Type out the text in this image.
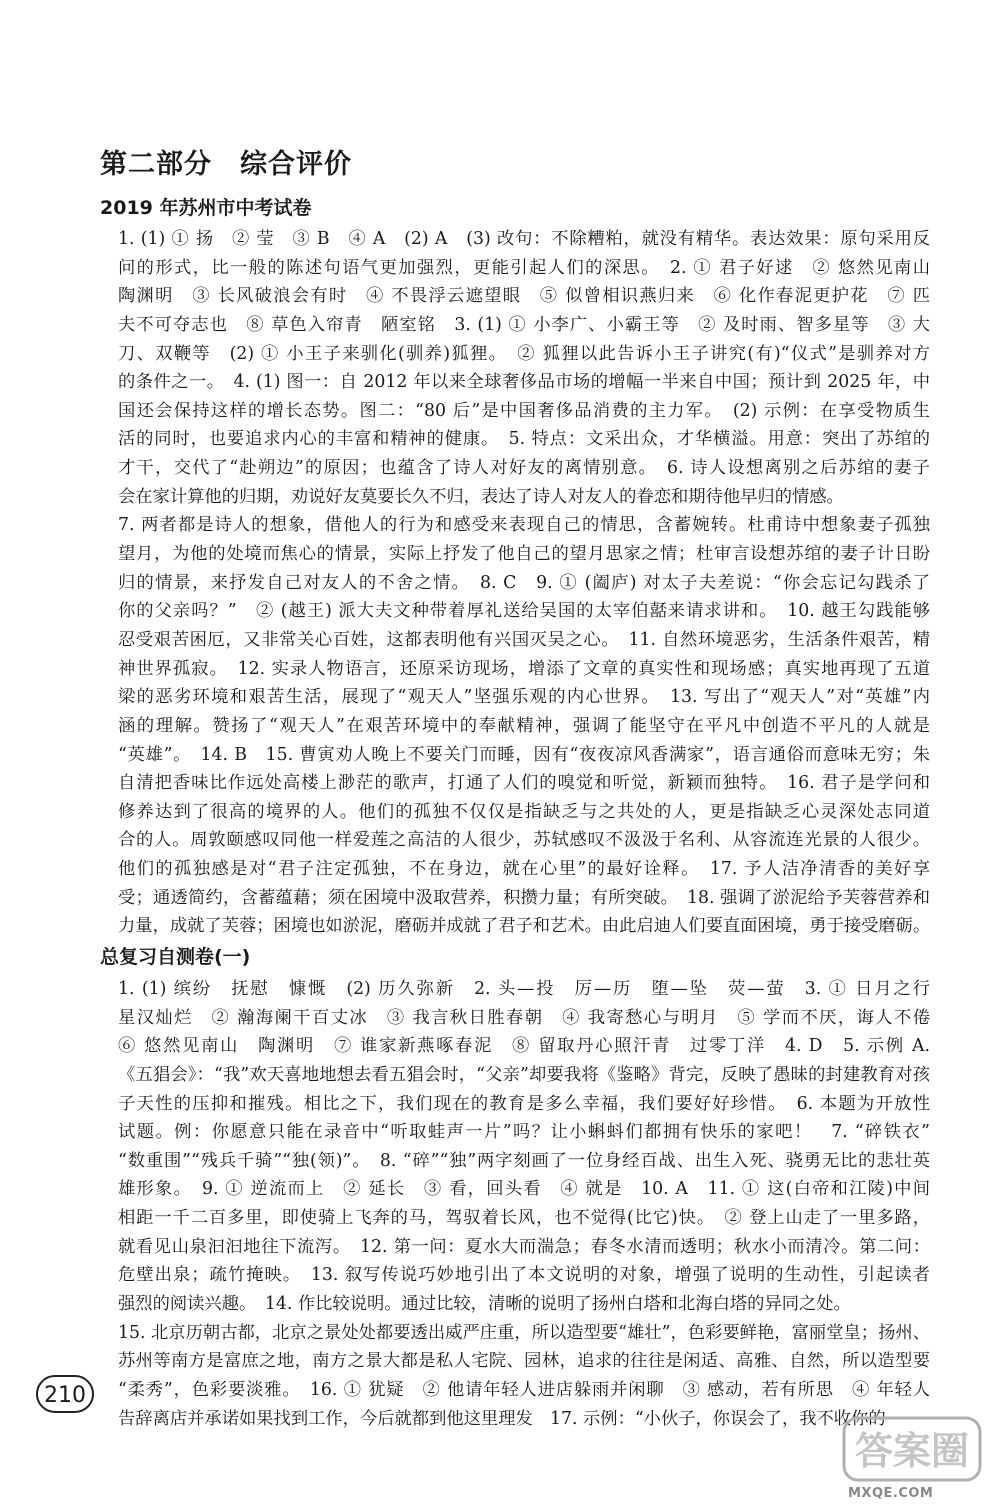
第二部分　综合评价
2019 年苏州市中考试卷
1. (1) ① 扬　② 莹　③ B　④ A　(2) A　(3) 改句：不除糟粕，就没有精华。表达效果：原句采用反
问的形式，比一般的陈述句语气更加强烈，更能引起人们的深思。　2. ① 君子好逑　② 悠然见南山
陶渊明　③ 长风破浪会有时　④ 不畏浮云遮望眼　⑤ 似曾相识燕归来　⑥ 化作春泥更护花　⑦ 匹
夫不可夺志也　⑧ 草色入帘青　陋室铭　3. (1) ① 小李广、小霸王等　② 及时雨、智多星等　③ 大
刀、双鞭等　(2) ① 小王子来驯化(驯养)狐狸。　② 狐狸以此告诉小王子讲究(有)“仪式”是驯养对方
的条件之一。　4. (1) 图一：自 2012 年以来全球奢侈品市场的增幅一半来自中国；预计到 2025 年，中
国还会保持这样的增长态势。图二：“80 后”是中国奢侈品消费的主力军。　(2) 示例：在享受物质生
活的同时，也要追求内心的丰富和精神的健康。　5. 特点：文采出众，才华横溢。用意：突出了苏绾的
才干，交代了“赴朔边”的原因；也蕴含了诗人对好友的离情别意。　6. 诗人设想离别之后苏绾的妻子
会在家计算他的归期，劝说好友莫要长久不归，表达了诗人对友人的眷恋和期待他早归的情感。
7. 两者都是诗人的想象，借他人的行为和感受来表现自己的情思，含蓄婉转。杜甫诗中想象妻子孤独
望月，为他的处境而焦心的情景，实际上抒发了他自己的望月思家之情；杜审言设想苏绾的妻子计日盼
归的情景，来抒发自己对友人的不舍之情。　8. C　9. ① (阖庐) 对太子夫差说：“你会忘记勾践杀了
你的父亲吗？”　② (越王) 派大夫文种带着厚礼送给吴国的太宰伯嚭来请求讲和。　10. 越王勾践能够
忍受艰苦困厄，又非常关心百姓，这都表明他有兴国灭吴之心。　11. 自然环境恶劣，生活条件艰苦，精
神世界孤寂。　12. 实录人物语言，还原采访现场，增添了文章的真实性和现场感；真实地再现了五道
梁的恶劣环境和艰苦生活，展现了“观天人”坚强乐观的内心世界。　13. 写出了“观天人”对“英雄”内
涵的理解。赞扬了“观天人”在艰苦环境中的奉献精神，强调了能坚守在平凡中创造不平凡的人就是
“英雄”。　14. B　15. 曹寅劝人晚上不要关门而睡，因有“夜夜凉风香满家”，语言通俗而意味无穷；朱
自清把香味比作远处高楼上渺茫的歌声，打通了人们的嗅觉和听觉，新颖而独特。　16. 君子是学问和
修养达到了很高的境界的人。他们的孤独不仅仅是指缺乏与之共处的人，更是指缺乏心灵深处志同道
合的人。周敦颐感叹同他一样爱莲之高洁的人很少，苏轼感叹不汲汲于名利、从容流连光景的人很少。
他们的孤独感是对“君子注定孤独，不在身边，就在心里”的最好诠释。　17. 予人洁净清香的美好享
受；通透简约，含蓄蕴藉；须在困境中汲取营养，积攒力量；有所突破。　18. 强调了淤泥给予芙蓉营养和
力量，成就了芙蓉；困境也如淤泥，磨砺并成就了君子和艺术。由此启迪人们要直面困境，勇于接受磨砺。
总复习自测卷(一)
1. (1) 缤纷　抚慰　慷慨　(2) 历久弥新　2. 头—投　厉—历　堕—坠　荧—萤　3. ① 日月之行
星汉灿烂　② 瀚海阑干百丈冰　③ 我言秋日胜春朝　④ 我寄愁心与明月　⑤ 学而不厌，诲人不倦
⑥ 悠然见南山　陶渊明　⑦ 谁家新燕啄春泥　⑧ 留取丹心照汗青　过零丁洋　4. D　5. 示例 A.
《五猖会》：“我”欢天喜地地想去看五猖会时，“父亲”却要我将《鉴略》背完，反映了愚昧的封建教育对孩
子天性的压抑和摧残。相比之下，我们现在的教育是多么幸福，我们要好好珍惜。　6. 本题为开放性
试题。例：你愿意只能在录音中“听取蛙声一片”吗？让小蝌蚪们都拥有快乐的家吧！　7. “碎铁衣”
“数重围”“残兵千骑”“独(领)”。　8. “碎”“独”两字刻画了一位身经百战、出生入死、骁勇无比的悲壮英
雄形象。　9. ① 逆流而上　② 延长　③ 看，回头看　④ 就是　10. A　11. ① 这(白帝和江陵)中间
相距一千二百多里，即使骑上飞奔的马，驾驭着长风，也不觉得(比它)快。　② 登上山走了一里多路，
就看见山泉汩汩地往下流泻。　12. 第一问：夏水大而湍急；春冬水清而透明；秋水小而清冷。第二问：
危壁出泉；疏竹掩映。　13. 叙写传说巧妙地引出了本文说明的对象，增强了说明的生动性，引起读者
强烈的阅读兴趣。　14. 作比较说明。通过比较，清晰的说明了扬州白塔和北海白塔的异同之处。
15. 北京历朝古都，北京之景处处都要透出威严庄重，所以造型要“雄壮”，色彩要鲜艳，富丽堂皇；扬州、
苏州等南方是富庶之地，南方之景大都是私人宅院、园林，追求的往往是闲适、高雅、自然，所以造型要
“柔秀”，色彩要淡雅。　16. ① 犹疑　② 他请年轻人进店躲雨并闲聊　③ 感动，若有所思　④ 年轻人
告辞离店并承诺如果找到工作，今后就都到他这里理发　17. 示例：“小伙子，你误会了，我不收你的
210
答案圈
MXQE.COM
